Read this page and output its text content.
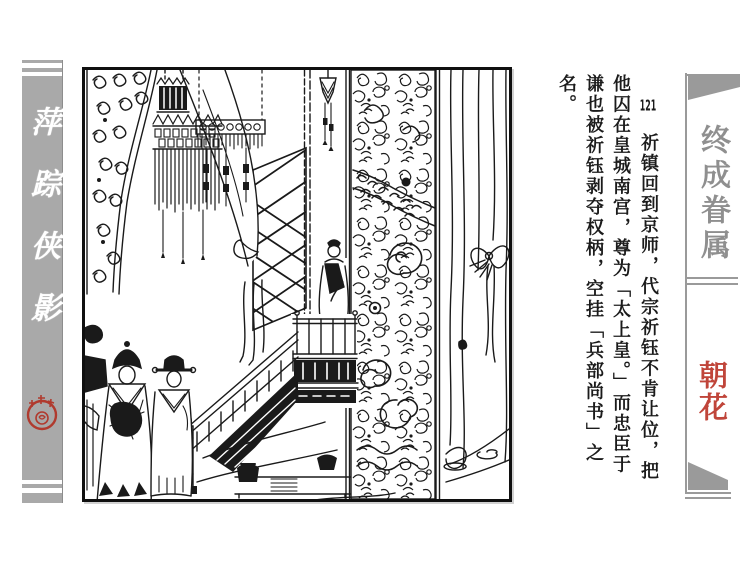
萍踪侠影

121祈镇回到京师，代宗祈钰不肯让位，把

他囚在皇城南宫，尊为「太上皇。」而忠臣于

谦也被祈钰剥夺权柄，空挂「兵部尚书」之

名。

终成眷属
朝花
